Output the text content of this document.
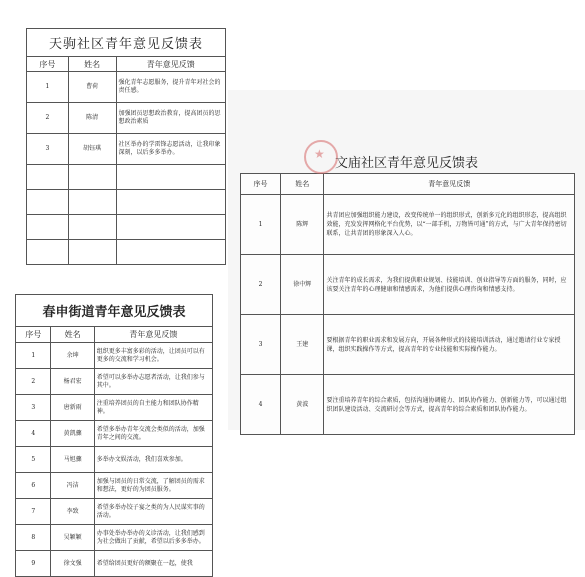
天驹社区青年意见反馈表
序号	姓名	青年意见反馈
1	曹荷	强化青年志愿服务，提升青年对社会的责任感。
2	陈清	加强团员思想政治教育，提高团员的思想政治素质
3	胡钰琪	社区举办的学雷锋志愿活动，让我印象深刻，以后多多举办。

春申街道青年意见反馈表
序号	姓名	青年意见反馈
1	余坤	组织更多丰富多彩的活动，让团员可以有更多的交流和学习机会。
2	杨君宏	希望可以多举办志愿者活动，让我们参与其中。
3	唐新雨	注重培养团员的自主能力和团队协作精神。
4	黄凯骤	希望多举办青年交流会类似的活动，加强青年之间的交流。
5	马旭骤	多举办文娱活动，我们喜欢参加。
6	冯洁	加强与团员的日常交流，了解团员的需求和想法，更好的为团员服务。
7	李致	希望多举办饺子宴之类的为人民谋实事的活动。
8	吴颖颖	办事处举办举办的义诊活动，让我们感到为社会做出了贡献，希望以后多多举办。
9	徐文强	希望给团员更好的额聚在一起，使我
★
文庙社区青年意见反馈表
序号	姓名	青年意见反馈
1	陈辉	共青团应加强组织能力建设，改变传统单一的组织形式，创新多元化的组织形态，提高组织效能，充发发挥网格化平台优势，以“一部手机，万物皆可通”的方式，与广大青年保持密切联系，让共青团的形象深入人心。
2	徐中辉	关注青年的成长需求，为我们提供职业规划、技能培训、创业指导等方面的服务，同时，应该要关注青年的心理健康和情感需求，为他们提供心理咨询和情感支持。
3	王建	要根据青年的职业需求和发展方向，开展各种形式的技能培训活动，通过邀请行业专家授课，组织实践操作等方式，提高青年的专业技能和实际操作能力。
4	黄波	要注重培养青年的综合素质，包括沟通协调能力、团队协作能力、创新能力等，可以通过组织团队建设活动、交流研讨会等方式，提高青年的综合素质和团队协作能力。
